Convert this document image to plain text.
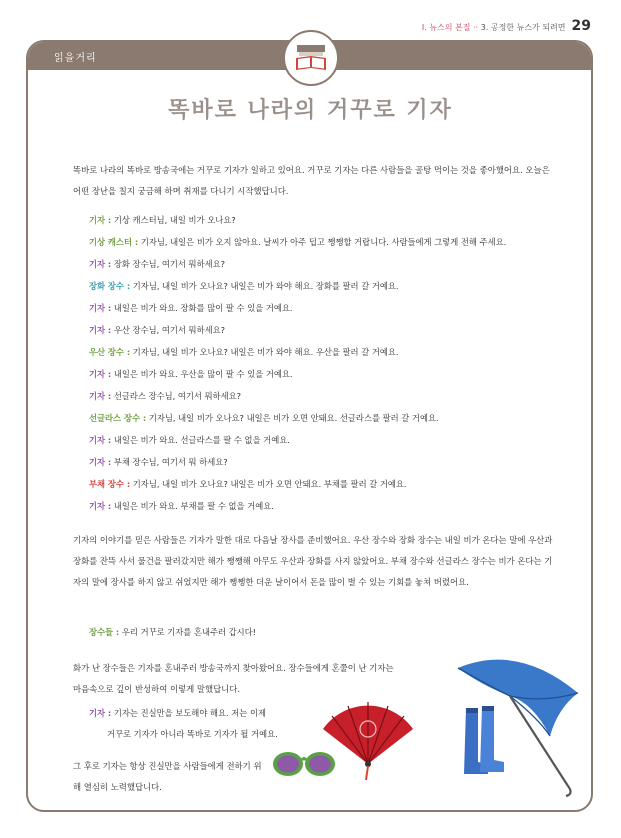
Ⅰ. 뉴스의 본질 ·· 3. 공정한 뉴스가 되려면 29
읽을거리
똑바로 나라의 거꾸로 기자

똑바로 나라의 똑바로 방송국에는 거꾸로 기자가 일하고 있어요. 거꾸로 기자는 다른 사람들을 골탕 먹이는 것을 좋아했어요. 오늘은 어떤 장난을 칠지 궁금해 하며 취재를 다니기 시작했답니다.

기자 : 기상 캐스터님, 내일 비가 오나요?
기상 캐스터 : 기자님, 내일은 비가 오지 않아요. 날씨가 아주 덥고 쨍쨍할 거랍니다. 사람들에게 그렇게 전해 주세요.
기자 : 장화 장수님, 여기서 뭐하세요?
장화 장수 : 기자님, 내일 비가 오나요? 내일은 비가 와야 해요. 장화를 팔러 갈 거예요.
기자 : 내일은 비가 와요. 장화를 많이 팔 수 있을 거예요.
기자 : 우산 장수님, 여기서 뭐하세요?
우산 장수 : 기자님, 내일 비가 오나요? 내일은 비가 와야 해요. 우산을 팔러 갈 거예요.
기자 : 내일은 비가 와요. 우산을 많이 팔 수 있을 거예요.
기자 : 선글라스 장수님, 여기서 뭐하세요?
선글라스 장수 : 기자님, 내일 비가 오나요? 내일은 비가 오면 안돼요. 선글라스를 팔러 갈 거예요.
기자 : 내일은 비가 와요. 선글라스를 팔 수 없을 거예요.
기자 : 부채 장수님, 여기서 뭐 하세요?
부채 장수 : 기자님, 내일 비가 오나요? 내일은 비가 오면 안돼요. 부채를 팔러 갈 거예요.
기자 : 내일은 비가 와요. 부채를 팔 수 없을 거예요.

기자의 이야기를 믿은 사람들은 기자가 말한 대로 다음날 장사를 준비했어요. 우산 장수와 장화 장수는 내일 비가 온다는 말에 우산과 장화를 잔뜩 사서 물건을 팔러갔지만 해가 쨍쨍해 아무도 우산과 장화를 사지 않았어요. 부채 장수와 선글라스 장수는 비가 온다는 기자의 말에 장사를 하지 않고 쉬었지만 해가 쨍쨍한 더운 날이어서 돈을 많이 벌 수 있는 기회를 놓쳐 버렸어요.

장수들 : 우리 거꾸로 기자를 혼내주러 갑시다!

화가 난 장수들은 기자를 혼내주러 방송국까지 찾아왔어요. 장수들에게 혼쭐이 난 기자는 마음속으로 깊이 반성하여 이렇게 말했답니다.

기자 : 기자는 진실만을 보도해야 해요. 저는 이제
거꾸로 기자가 아니라 똑바로 기자가 될 거예요.

그 후로 기자는 항상 진실만을 사람들에게 전하기 위해 열심히 노력했답니다.
